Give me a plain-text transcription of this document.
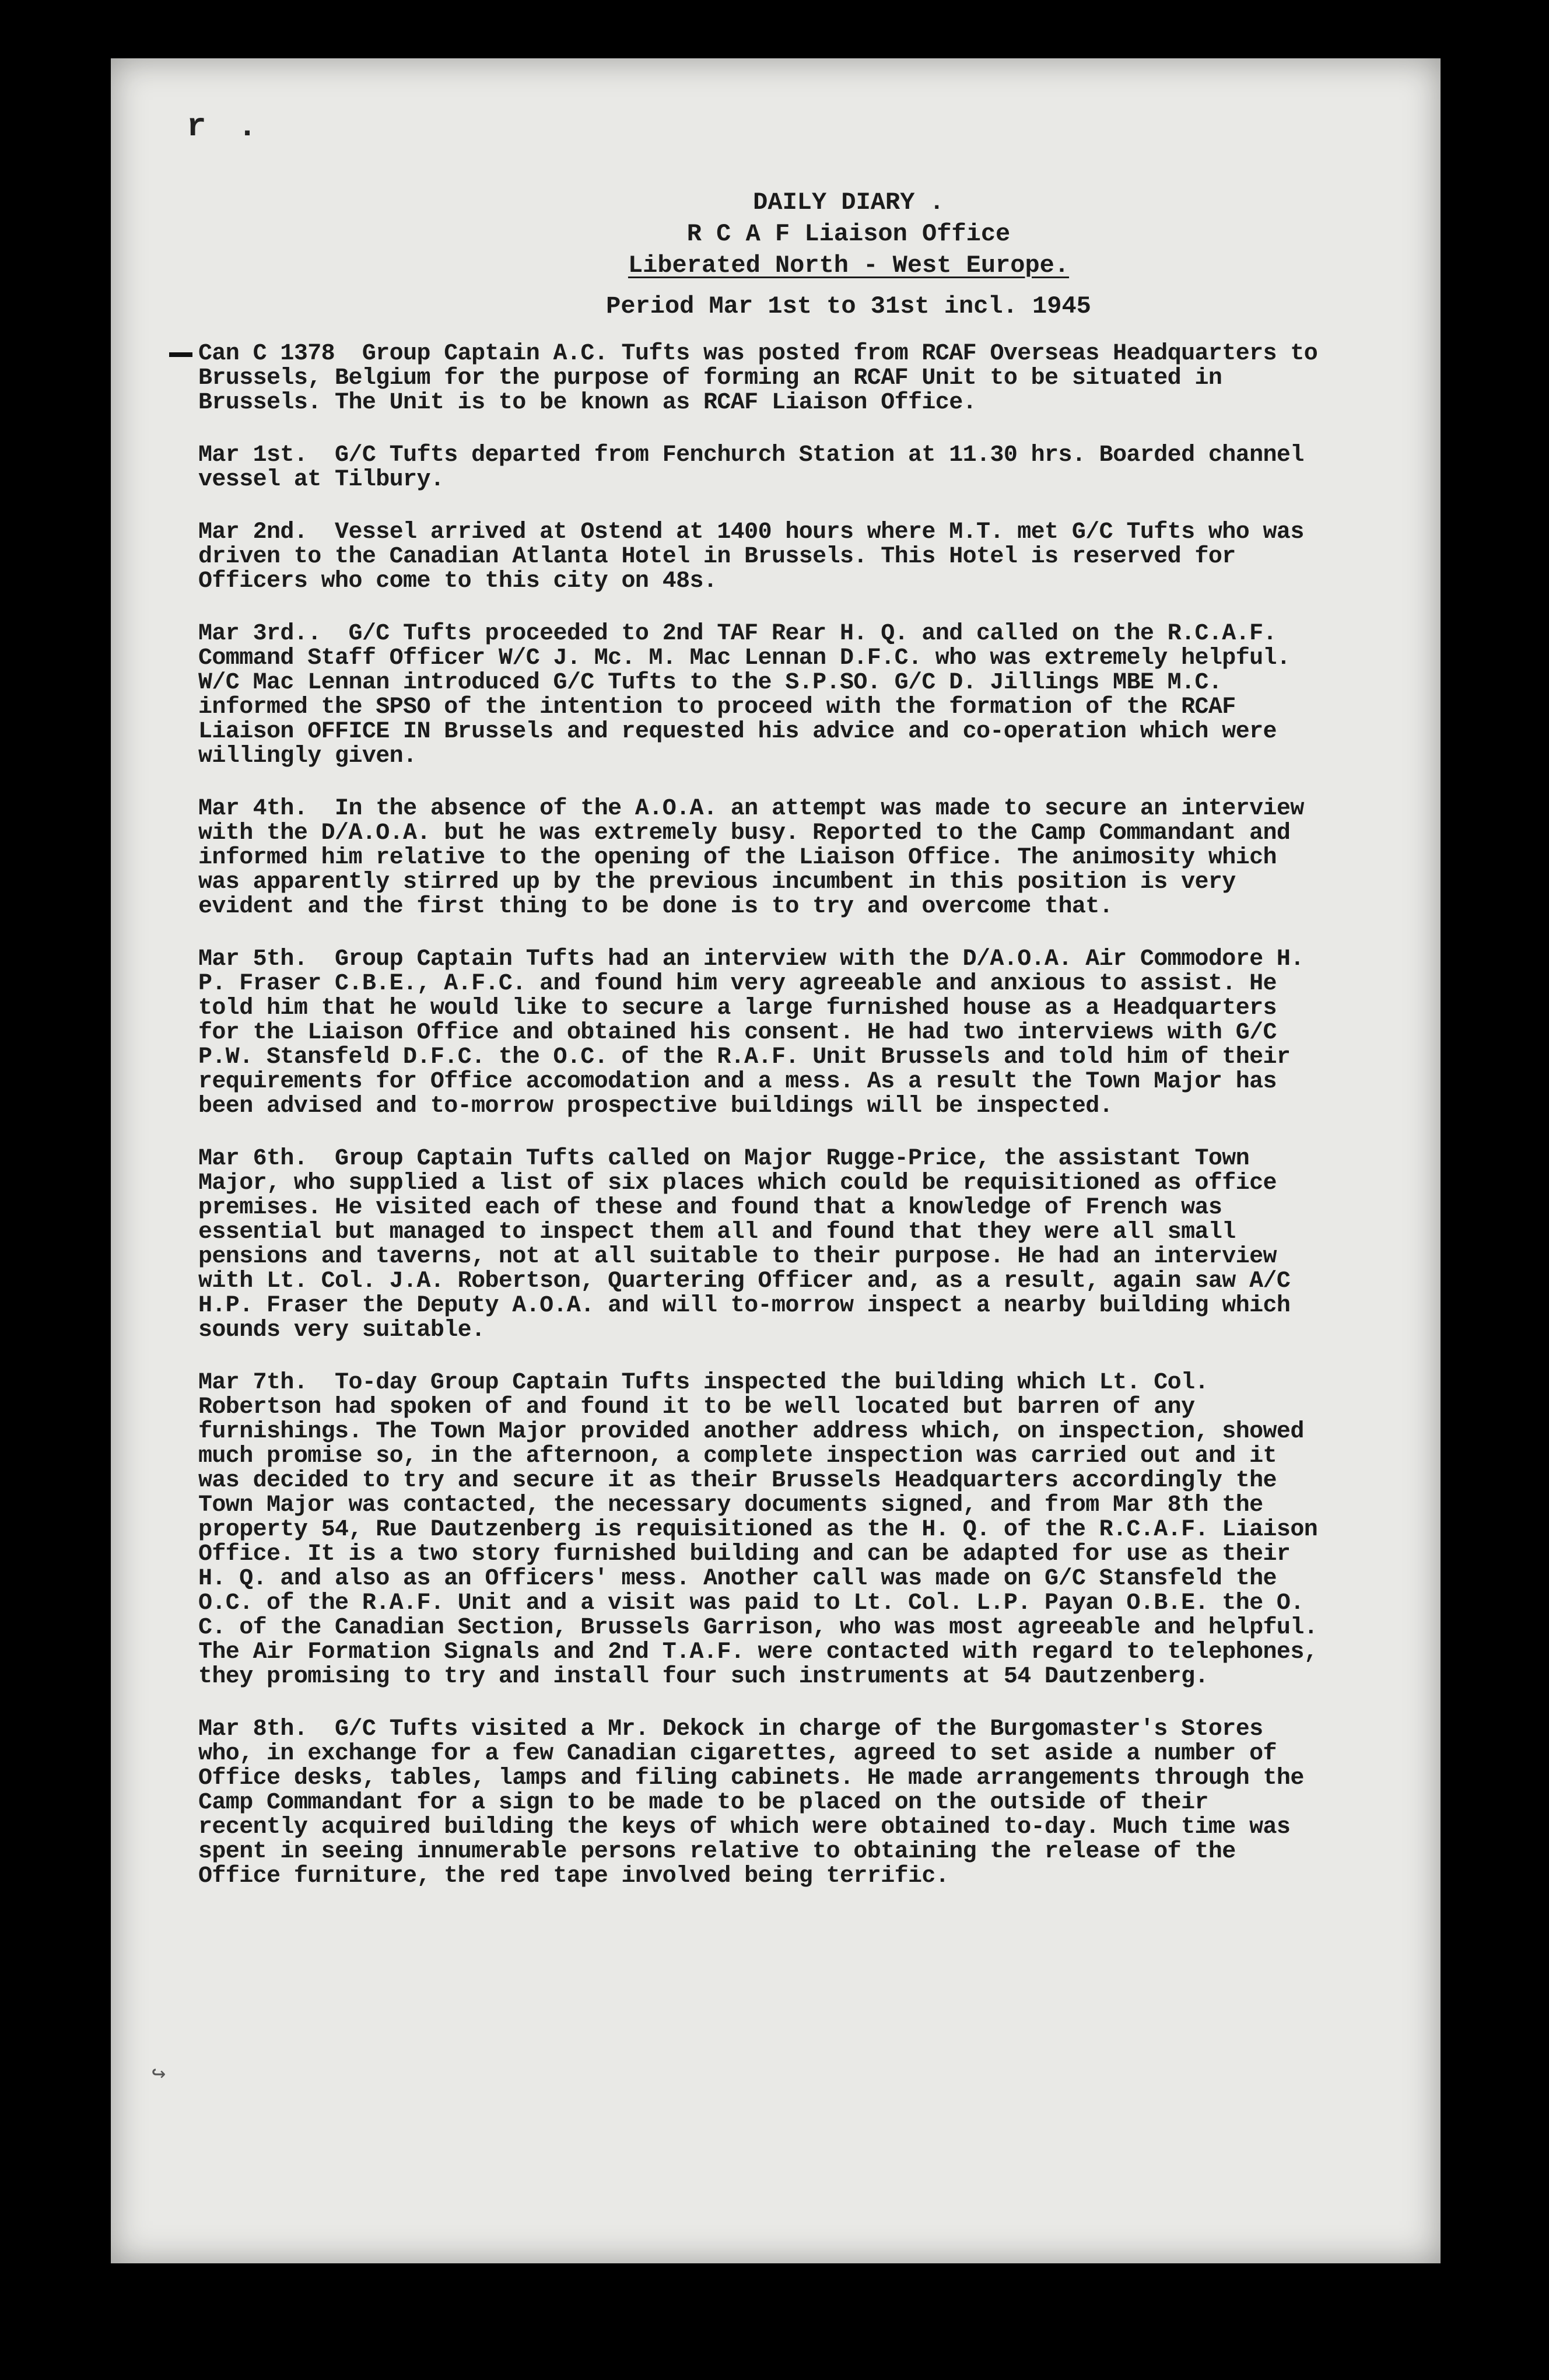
r .
DAILY DIARY .
R C A F Liaison Office
Liberated North - West Europe.
Period Mar 1st to 31st incl. 1945

Can C 1378 Group Captain A.C. Tufts was posted from RCAF Overseas Headquarters to Brussels, Belgium for the purpose of forming an RCAF Unit to be situated in Brussels. The Unit is to be known as RCAF Liaison Office.

Mar 1st. G/C Tufts departed from Fenchurch Station at 11.30 hrs. Boarded channel vessel at Tilbury.

Mar 2nd. Vessel arrived at Ostend at 1400 hours where M.T. met G/C Tufts who was driven to the Canadian Atlanta Hotel in Brussels. This Hotel is reserved for Officers who come to this city on 48s.

Mar 3rd.. G/C Tufts proceeded to 2nd TAF Rear H. Q. and called on the R.C.A.F. Command Staff Officer W/C J. Mc. M. Mac Lennan D.F.C. who was extremely helpful. W/C Mac Lennan introduced G/C Tufts to the S.P.SO. G/C D. Jillings MBE M.C. informed the SPSO of the intention to proceed with the formation of the RCAF Liaison OFFICE IN Brussels and requested his advice and co-operation which were willingly given.

Mar 4th. In the absence of the A.O.A. an attempt was made to secure an interview with the D/A.O.A. but he was extremely busy. Reported to the Camp Commandant and informed him relative to the opening of the Liaison Office. The animosity which was apparently stirred up by the previous incumbent in this position is very evident and the first thing to be done is to try and overcome that.

Mar 5th. Group Captain Tufts had an interview with the D/A.O.A. Air Commodore H. P. Fraser C.B.E., A.F.C. and found him very agreeable and anxious to assist. He told him that he would like to secure a large furnished house as a Headquarters for the Liaison Office and obtained his consent. He had two interviews with G/C P.W. Stansfeld D.F.C. the O.C. of the R.A.F. Unit Brussels and told him of their requirements for Office accomodation and a mess. As a result the Town Major has been advised and to-morrow prospective buildings will be inspected.

Mar 6th. Group Captain Tufts called on Major Rugge-Price, the assistant Town Major, who supplied a list of six places which could be requisitioned as office premises. He visited each of these and found that a knowledge of French was essential but managed to inspect them all and found that they were all small pensions and taverns, not at all suitable to their purpose. He had an interview with Lt. Col. J.A. Robertson, Quartering Officer and, as a result, again saw A/C H.P. Fraser the Deputy A.O.A. and will to-morrow inspect a nearby building which sounds very suitable.

Mar 7th. To-day Group Captain Tufts inspected the building which Lt. Col. Robertson had spoken of and found it to be well located but barren of any furnishings. The Town Major provided another address which, on inspection, showed much promise so, in the afternoon, a complete inspection was carried out and it was decided to try and secure it as their Brussels Headquarters accordingly the Town Major was contacted, the necessary documents signed, and from Mar 8th the property 54, Rue Dautzenberg is requisitioned as the H. Q. of the R.C.A.F. Liaison Office. It is a two story furnished building and can be adapted for use as their H. Q. and also as an Officers' mess. Another call was made on G/C Stansfeld the O.C. of the R.A.F. Unit and a visit was paid to Lt. Col. L.P. Payan O.B.E. the O. C. of the Canadian Section, Brussels Garrison, who was most agreeable and helpful. The Air Formation Signals and 2nd T.A.F. were contacted with regard to telephones, they promising to try and install four such instruments at 54 Dautzenberg.

Mar 8th. G/C Tufts visited a Mr. Dekock in charge of the Burgomaster's Stores who, in exchange for a few Canadian cigarettes, agreed to set aside a number of Office desks, tables, lamps and filing cabinets. He made arrangements through the Camp Commandant for a sign to be made to be placed on the outside of their recently acquired building the keys of which were obtained to-day. Much time was spent in seeing innumerable persons relative to obtaining the release of the Office furniture, the red tape involved being terrific.

↪
